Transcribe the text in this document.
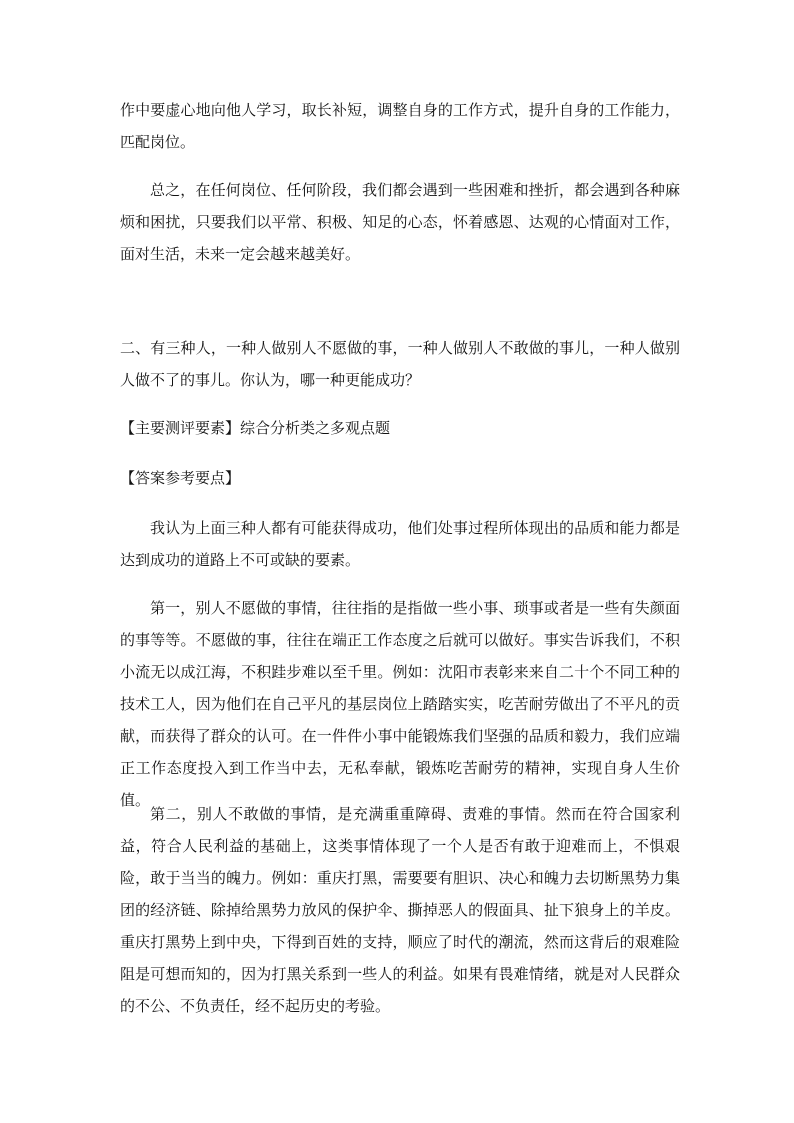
作中要虚心地向他人学习，取长补短，调整自身的工作方式，提升自身的工作能力，匹配岗位。

总之，在任何岗位、任何阶段，我们都会遇到一些困难和挫折，都会遇到各种麻烦和困扰，只要我们以平常、积极、知足的心态，怀着感恩、达观的心情面对工作，面对生活，未来一定会越来越美好。

二、有三种人，一种人做别人不愿做的事，一种人做别人不敢做的事儿，一种人做别人做不了的事儿。你认为，哪一种更能成功？

【主要测评要素】综合分析类之多观点题

【答案参考要点】

我认为上面三种人都有可能获得成功，他们处事过程所体现出的品质和能力都是达到成功的道路上不可或缺的要素。

第一，别人不愿做的事情，往往指的是指做一些小事、琐事或者是一些有失颜面的事等等。不愿做的事，往往在端正工作态度之后就可以做好。事实告诉我们，不积小流无以成江海，不积跬步难以至千里。例如：沈阳市表彰来来自二十个不同工种的技术工人，因为他们在自己平凡的基层岗位上踏踏实实，吃苦耐劳做出了不平凡的贡献，而获得了群众的认可。在一件件小事中能锻炼我们坚强的品质和毅力，我们应端正工作态度投入到工作当中去，无私奉献，锻炼吃苦耐劳的精神，实现自身人生价值。

第二，别人不敢做的事情，是充满重重障碍、责难的事情。然而在符合国家利益，符合人民利益的基础上，这类事情体现了一个人是否有敢于迎难而上，不惧艰险，敢于当当的魄力。例如：重庆打黑，需要要有胆识、决心和魄力去切断黑势力集团的经济链、除掉给黑势力放风的保护伞、撕掉恶人的假面具、扯下狼身上的羊皮。重庆打黑势上到中央，下得到百姓的支持，顺应了时代的潮流，然而这背后的艰难险阻是可想而知的，因为打黑关系到一些人的利益。如果有畏难情绪，就是对人民群众的不公、不负责任，经不起历史的考验。
